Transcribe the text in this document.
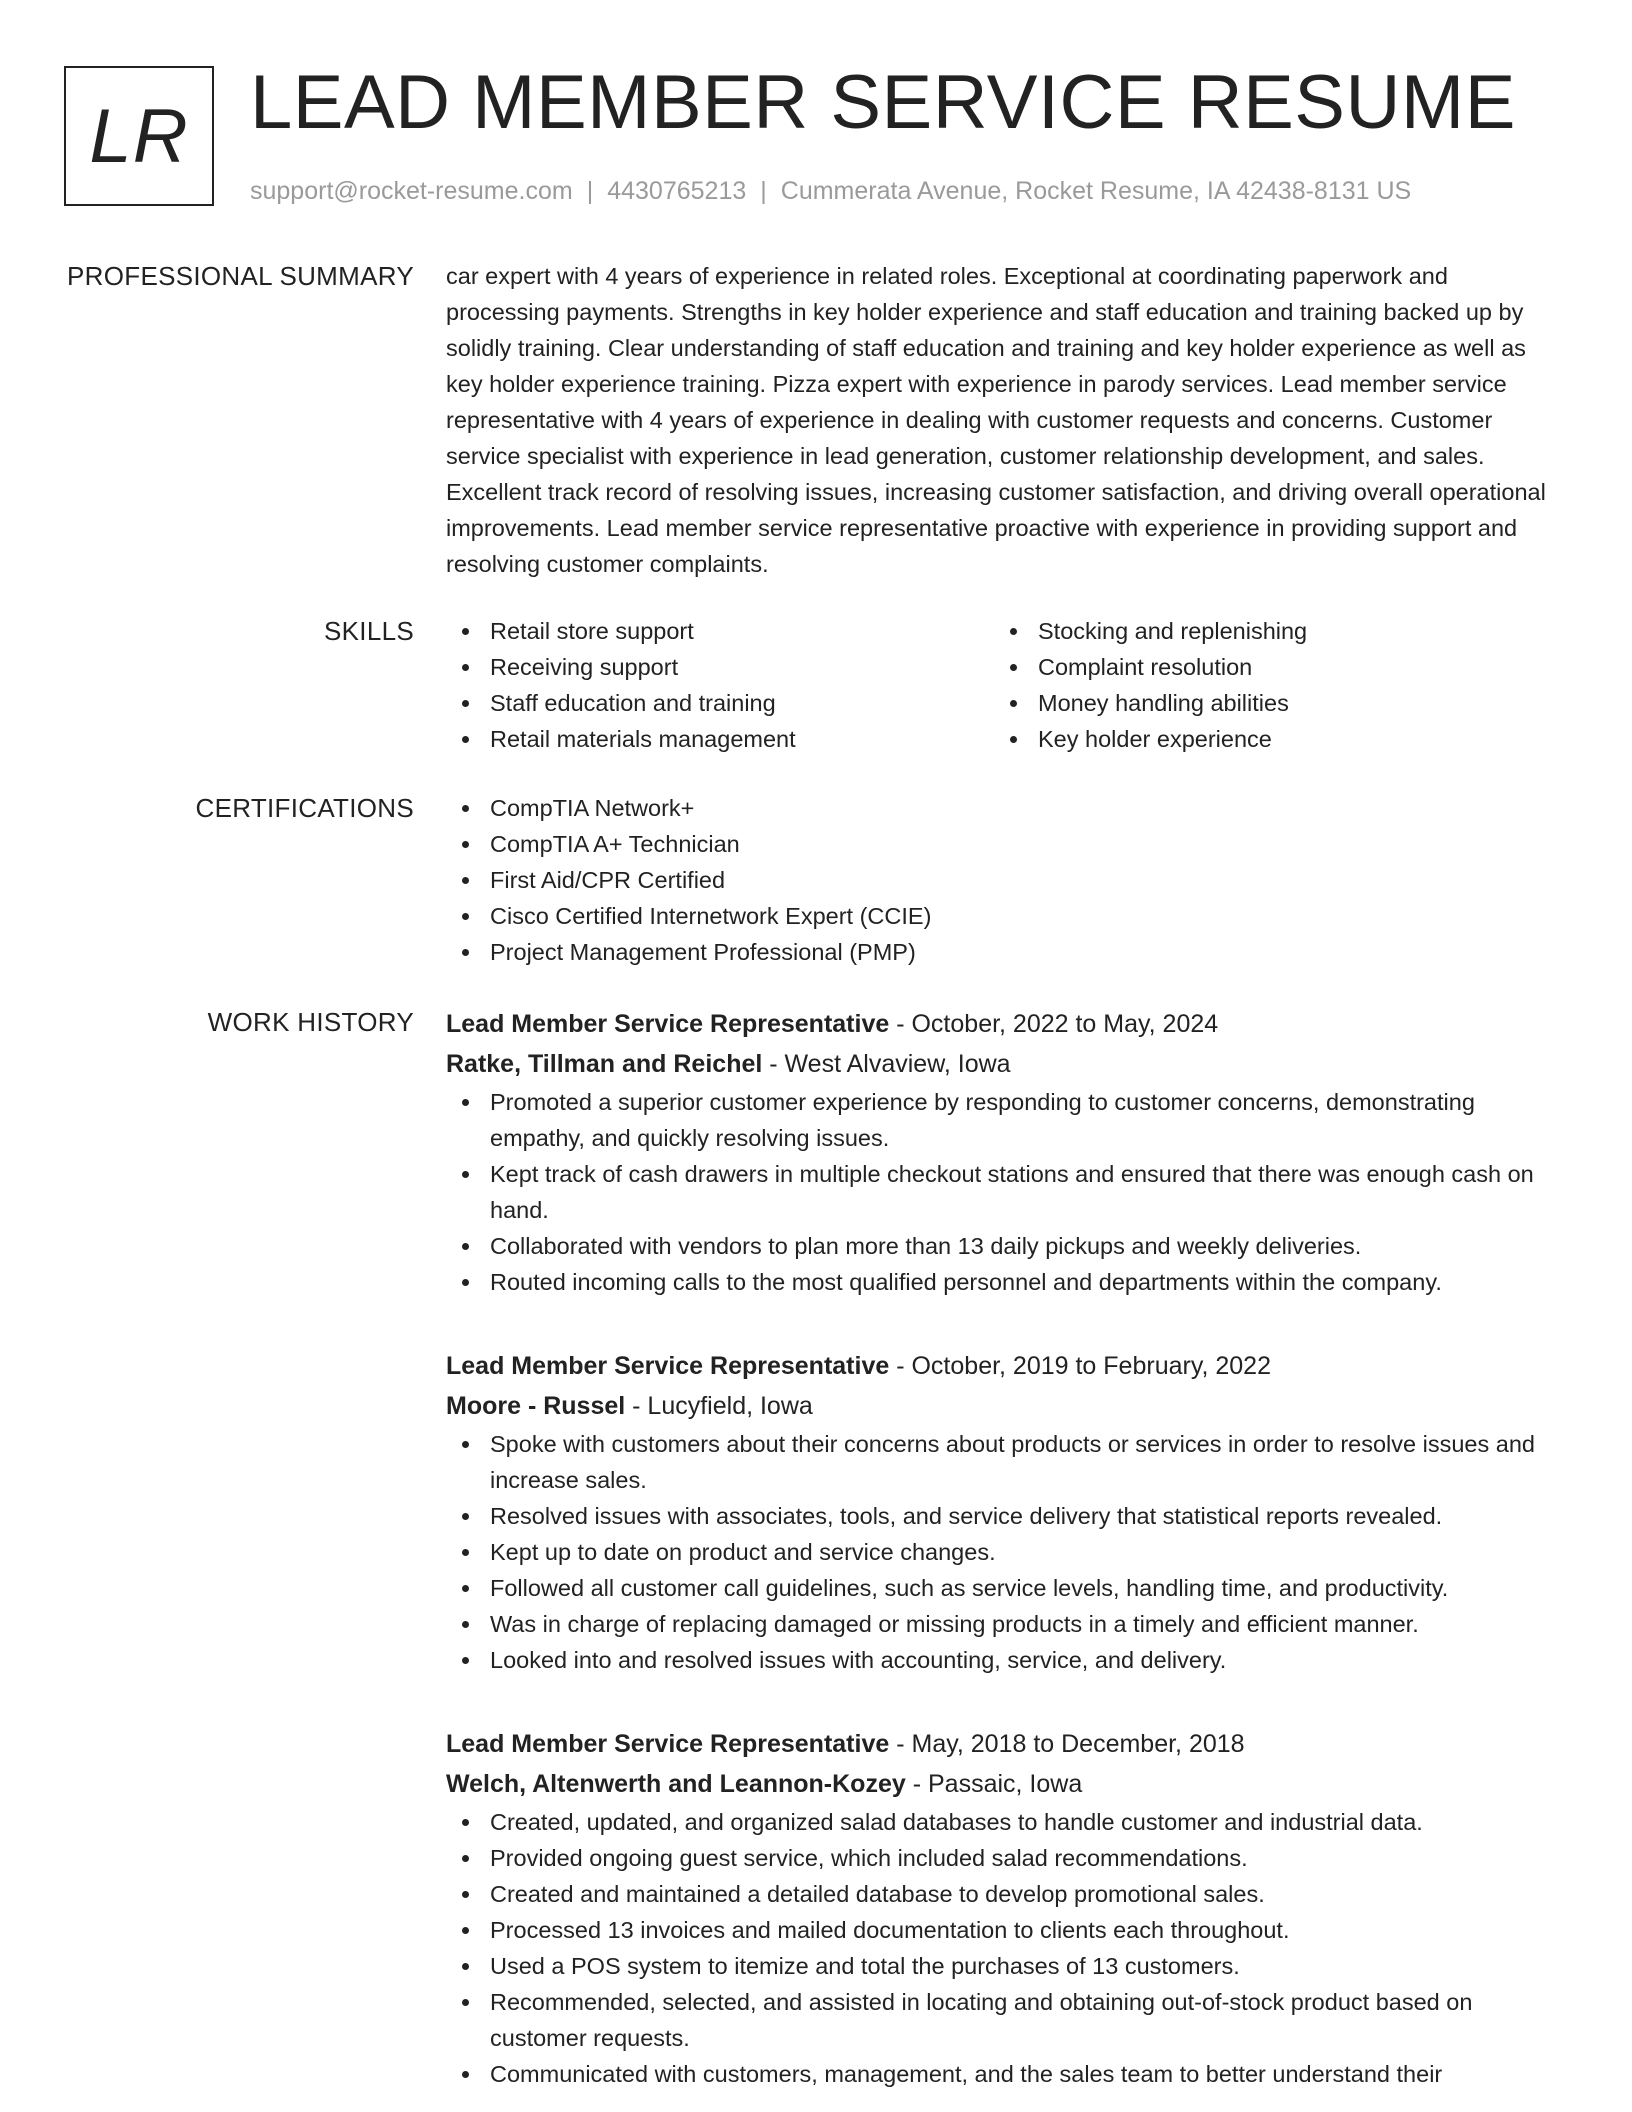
LR LEAD MEMBER SERVICE RESUME
support@rocket-resume.com | 4430765213 | Cummerata Avenue, Rocket Resume, IA 42438-8131 US
PROFESSIONAL SUMMARY car expert with 4 years of experience in related roles. Exceptional at coordinating paperwork and processing payments. Strengths in key holder experience and staff education and training backed up by solidly training. Clear understanding of staff education and training and key holder experience as well as key holder experience training. Pizza expert with experience in parody services. Lead member service representative with 4 years of experience in dealing with customer requests and concerns. Customer service specialist with experience in lead generation, customer relationship development, and sales. Excellent track record of resolving issues, increasing customer satisfaction, and driving overall operational improvements. Lead member service representative proactive with experience in providing support and resolving customer complaints.

SKILLS	Retail store support
Receiving support
Staff education and training
Retail materials management
Stocking and replenishing
Complaint resolution
Money handling abilities
Key holder experience
CERTIFICATIONS	CompTIA Network+
CompTIA A+ Technician
First Aid/CPR Certified
Cisco Certified Internetwork Expert (CCIE)
Project Management Professional (PMP)
WORK HISTORY Lead Member Service Representative - October, 2022 to May, 2024
Ratke, Tillman and Reichel - West Alvaview, Iowa
Promoted a superior customer experience by responding to customer concerns, demonstrating empathy, and quickly resolving issues.
Kept track of cash drawers in multiple checkout stations and ensured that there was enough cash on hand.
Collaborated with vendors to plan more than 13 daily pickups and weekly deliveries.
Routed incoming calls to the most qualified personnel and departments within the company.
Lead Member Service Representative - October, 2019 to February, 2022
Moore - Russel - Lucyfield, Iowa
Spoke with customers about their concerns about products or services in order to resolve issues and increase sales.
Resolved issues with associates, tools, and service delivery that statistical reports revealed.
Kept up to date on product and service changes.
Followed all customer call guidelines, such as service levels, handling time, and productivity.
Was in charge of replacing damaged or missing products in a timely and efficient manner.
Looked into and resolved issues with accounting, service, and delivery.
Lead Member Service Representative - May, 2018 to December, 2018
Welch, Altenwerth and Leannon-Kozey - Passaic, Iowa
Created, updated, and organized salad databases to handle customer and industrial data.
Provided ongoing guest service, which included salad recommendations.
Created and maintained a detailed database to develop promotional sales.
Processed 13 invoices and mailed documentation to clients each throughout.
Used a POS system to itemize and total the purchases of 13 customers.
Recommended, selected, and assisted in locating and obtaining out-of-stock product based on customer requests.
Communicated with customers, management, and the sales team to better understand their
